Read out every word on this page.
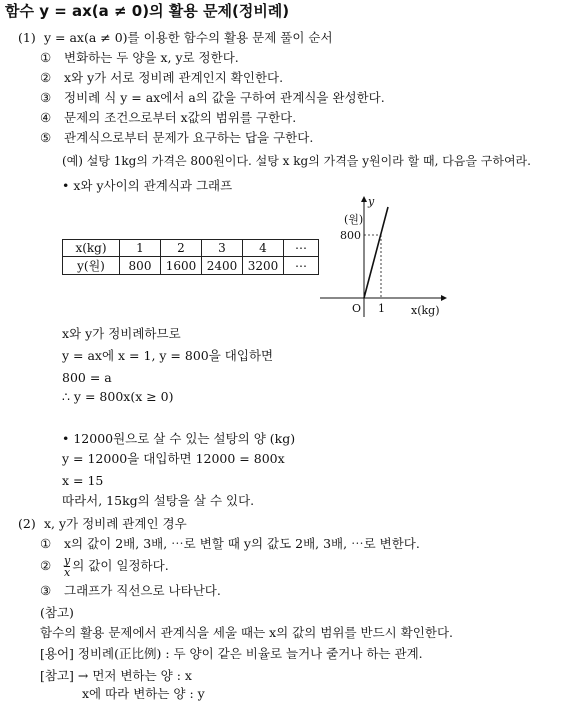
함수 y = ax(a ≠ 0)의 활용 문제(정비례)
(1) y = ax(a ≠ 0)를 이용한 함수의 활용 문제 풀이 순서
① 변화하는 두 양을 x, y로 정한다.
② x와 y가 서로 정비례 관계인지 확인한다.
③ 정비례 식 y = ax에서 a의 값을 구하여 관계식을 완성한다.
④ 문제의 조건으로부터 x값의 범위를 구한다.
⑤ 관계식으로부터 문제가 요구하는 답을 구한다.
(예) 설탕 1kg의 가격은 800원이다. 설탕 x kg의 가격을 y원이라 할 때, 다음을 구하여라.
• x와 y사이의 관계식과 그래프
x(kg)	1	2	3	4	⋯
y(원)	800	1600	2400	3200	⋯
y
(원)
800
O 1 x(kg)
x와 y가 정비례하므로
y = ax에 x = 1, y = 800을 대입하면
800 = a
∴ y = 800x(x ≥ 0)
• 12000원으로 살 수 있는 설탕의 양 (kg)
y = 12000을 대입하면 12000 = 800x
x = 15
따라서, 15kg의 설탕을 살 수 있다.
(2) x, y가 정비례 관계인 경우
① x의 값이 2배, 3배, ⋯로 변할 때 y의 값도 2배, 3배, ⋯로 변한다.
② $\frac{y}{x}$ 의 값이 일정하다.
③ 그래프가 직선으로 나타난다.
(참고)
함수의 활용 문제에서 관계식을 세울 때는 x의 값의 범위를 반드시 확인한다.
[용어] 정비례(正比例) : 두 양이 같은 비율로 늘거나 줄거나 하는 관계.
[참고] → 먼저 변하는 양 : x
x에 따라 변하는 양 : y
